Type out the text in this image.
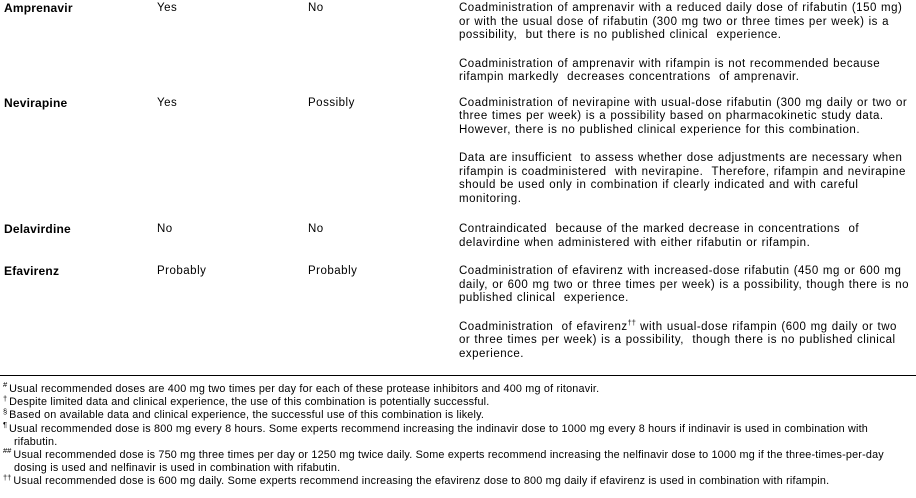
Amprenavir	Yes	No	Coadministration of amprenavir with a reduced daily dose of rifabutin (150 mg) or with the usual dose of rifabutin (300 mg two or three times per week) is a possibility,  but there is no published clinical  experience.

Coadministration of amprenavir with rifampin is not recommended because rifampin markedly  decreases concentrations  of amprenavir.

Nevirapine	Yes	Possibly	Coadministration of nevirapine with usual-dose rifabutin (300 mg daily or two or three times per week) is a possibility based on pharmacokinetic study data.  However, there is no published clinical experience for this combination.

Data are insufficient  to assess whether dose adjustments are necessary when rifampin is coadministered  with nevirapine.  Therefore, rifampin and nevirapine should be used only in combination if clearly indicated and with careful monitoring.

Delavirdine	No	No	Contraindicated  because of the marked decrease in concentrations  of delavirdine when administered with either rifabutin or rifampin.

Efavirenz	Probably	Probably	Coadministration of efavirenz with increased-dose rifabutin (450 mg or 600 mg daily, or 600 mg two or three times per week) is a possibility, though there is no published clinical  experience.

Coadministration  of efavirenz†† with usual-dose rifampin (600 mg daily or two or three times per week) is a possibility,  though there is no published clinical experience.

# Usual recommended doses are 400 mg two times per day for each of these protease inhibitors and 400 mg of ritonavir.
† Despite limited data and clinical experience, the use of this combination is potentially successful.
§ Based on available data and clinical experience, the successful use of this combination is likely.
¶ Usual recommended dose is 800 mg every 8 hours. Some experts recommend increasing the indinavir dose to 1000 mg every 8 hours if indinavir is used in combination with rifabutin.
## Usual recommended dose is 750 mg three times per day or 1250 mg twice daily. Some experts recommend increasing the nelfinavir dose to 1000 mg if the three-times-per-day dosing is used and nelfinavir is used in combination with rifabutin.
†† Usual recommended dose is 600 mg daily. Some experts recommend increasing the efavirenz dose to 800 mg daily if efavirenz is used in combination with rifampin.
